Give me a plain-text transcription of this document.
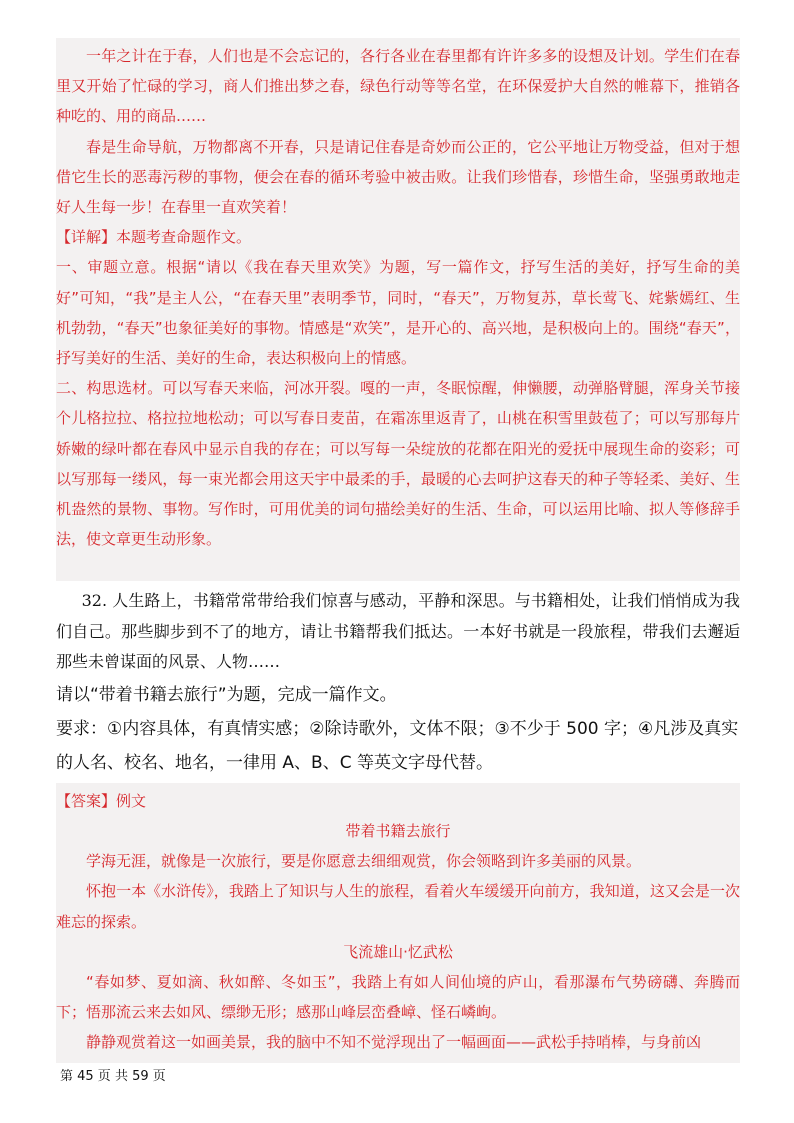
一年之计在于春，人们也是不会忘记的，各行各业在春里都有许许多多的设想及计划。学生们在春里又开始了忙碌的学习，商人们推出梦之春，绿色行动等等名堂，在环保爱护大自然的帷幕下，推销各种吃的、用的商品……

春是生命导航，万物都离不开春，只是请记住春是奇妙而公正的，它公平地让万物受益，但对于想借它生长的恶毒污秽的事物，便会在春的循环考验中被击败。让我们珍惜春，珍惜生命，坚强勇敢地走好人生每一步！在春里一直欢笑着！

【详解】本题考查命题作文。

一、审题立意。根据“请以《我在春天里欢笑》为题，写一篇作文，抒写生活的美好，抒写生命的美好”可知，“我”是主人公，“在春天里”表明季节，同时，“春天”，万物复苏，草长莺飞、姹紫嫣红、生机勃勃，“春天”也象征美好的事物。情感是“欢笑”，是开心的、高兴地，是积极向上的。围绕“春天”，抒写美好的生活、美好的生命，表达积极向上的情感。

二、构思选材。可以写春天来临，河冰开裂。嘎的一声，冬眠惊醒，伸懒腰，动弹胳臂腿，浑身关节接个儿格拉拉、格拉拉地松动；可以写春日麦苗，在霜冻里返青了，山桃在积雪里鼓苞了；可以写那每片娇嫩的绿叶都在春风中显示自我的存在；可以写每一朵绽放的花都在阳光的爱抚中展现生命的姿彩；可以写那每一缕风，每一束光都会用这天宇中最柔的手，最暖的心去呵护这春天的种子等轻柔、美好、生机盎然的景物、事物。写作时，可用优美的词句描绘美好的生活、生命，可以运用比喻、拟人等修辞手法，使文章更生动形象。

32. 人生路上，书籍常常带给我们惊喜与感动，平静和深思。与书籍相处，让我们悄悄成为我们自己。那些脚步到不了的地方，请让书籍帮我们抵达。一本好书就是一段旅程，带我们去邂逅那些未曾谋面的风景、人物……

请以“带着书籍去旅行”为题，完成一篇作文。

要求：①内容具体，有真情实感；②除诗歌外，文体不限；③不少于 500 字；④凡涉及真实的人名、校名、地名，一律用 A、B、C 等英文字母代替。

【答案】例文

带着书籍去旅行

学海无涯，就像是一次旅行，要是你愿意去细细观赏，你会领略到许多美丽的风景。

怀抱一本《水浒传》，我踏上了知识与人生的旅程，看着火车缓缓开向前方，我知道，这又会是一次难忘的探索。

飞流雄山·忆武松

“春如梦、夏如滴、秋如醉、冬如玉”，我踏上有如人间仙境的庐山，看那瀑布气势磅礴、奔腾而下；悟那流云来去如风、缥缈无形；感那山峰层峦叠嶂、怪石嶙峋。

静静观赏着这一如画美景，我的脑中不知不觉浮现出了一幅画面——武松手持哨棒，与身前凶

第 45 页 共 59 页
